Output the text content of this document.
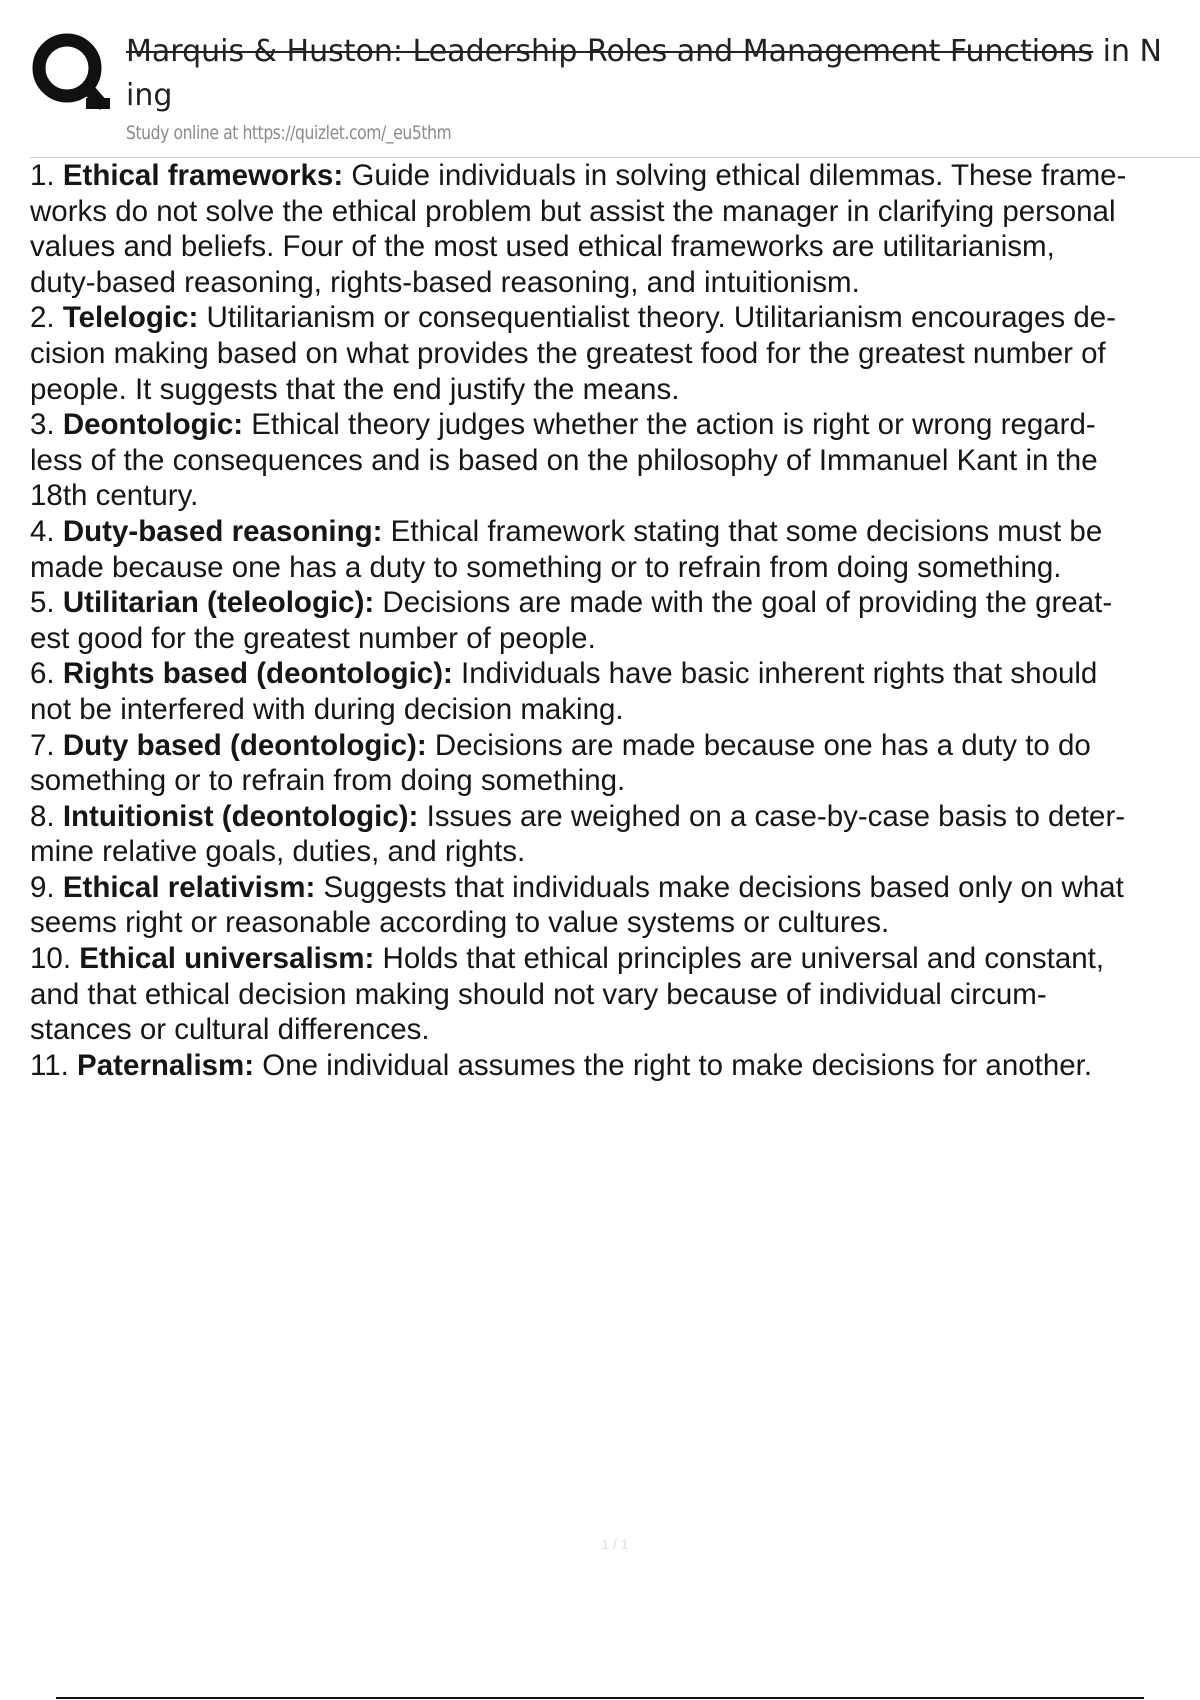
Marquis & Huston: Leadership Roles and Management Functions in N
ing
Study online at https://quizlet.com/_eu5thm
1. Ethical frameworks: Guide individuals in solving ethical dilemmas. These frame-
works do not solve the ethical problem but assist the manager in clarifying personal
values and beliefs. Four of the most used ethical frameworks are utilitarianism,
duty-based reasoning, rights-based reasoning, and intuitionism.
2. Telelogic: Utilitarianism or consequentialist theory. Utilitarianism encourages de-
cision making based on what provides the greatest food for the greatest number of
people. It suggests that the end justify the means.
3. Deontologic: Ethical theory judges whether the action is right or wrong regard-
less of the consequences and is based on the philosophy of Immanuel Kant in the
18th century.
4. Duty-based reasoning: Ethical framework stating that some decisions must be
made because one has a duty to something or to refrain from doing something.
5. Utilitarian (teleologic): Decisions are made with the goal of providing the great-
est good for the greatest number of people.
6. Rights based (deontologic): Individuals have basic inherent rights that should
not be interfered with during decision making.
7. Duty based (deontologic): Decisions are made because one has a duty to do
something or to refrain from doing something.
8. Intuitionist (deontologic): Issues are weighed on a case-by-case basis to deter-
mine relative goals, duties, and rights.
9. Ethical relativism: Suggests that individuals make decisions based only on what
seems right or reasonable according to value systems or cultures.
10. Ethical universalism: Holds that ethical principles are universal and constant,
and that ethical decision making should not vary because of individual circum-
stances or cultural differences.
11. Paternalism: One individual assumes the right to make decisions for another.
1 / 1
